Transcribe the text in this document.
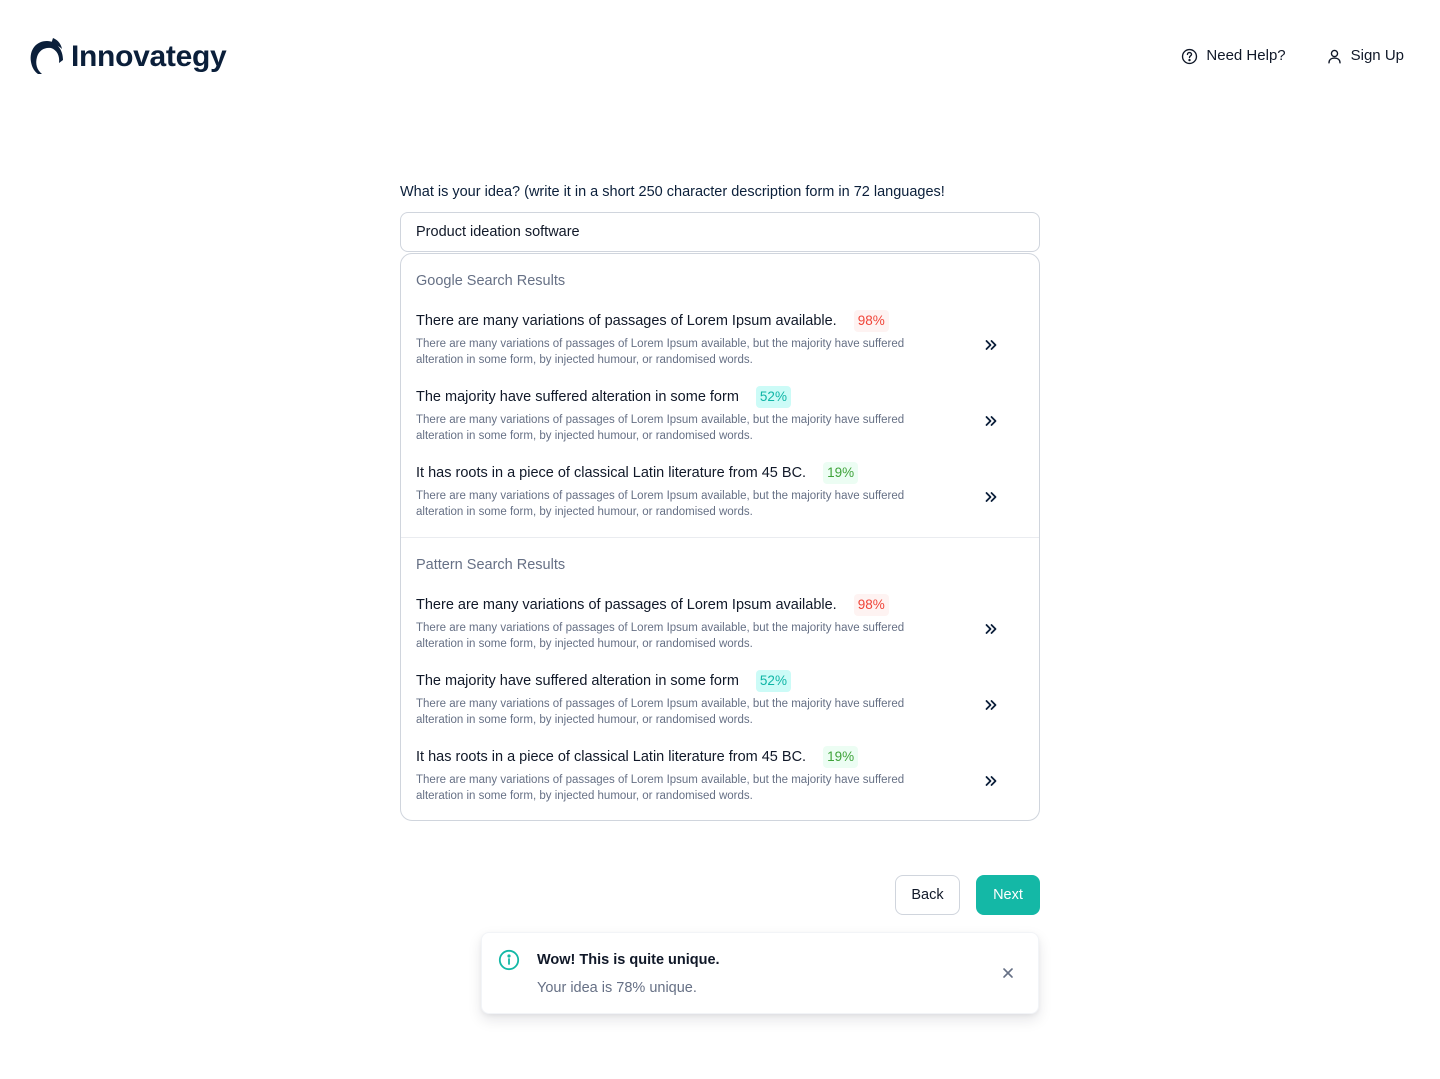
Innovategy	Need Help?	Sign Up
What is your idea? (write it in a short 250 character description form in 72 languages!
Product ideation software
Google Search Results
There are many variations of passages of Lorem Ipsum available. 98%
There are many variations of passages of Lorem Ipsum available, but the majority have suffered alteration in some form, by injected humour, or randomised words.
The majority have suffered alteration in some form 52%
There are many variations of passages of Lorem Ipsum available, but the majority have suffered alteration in some form, by injected humour, or randomised words.
It has roots in a piece of classical Latin literature from 45 BC. 19%
There are many variations of passages of Lorem Ipsum available, but the majority have suffered alteration in some form, by injected humour, or randomised words.
Pattern Search Results
There are many variations of passages of Lorem Ipsum available. 98%
There are many variations of passages of Lorem Ipsum available, but the majority have suffered alteration in some form, by injected humour, or randomised words.
The majority have suffered alteration in some form 52%
There are many variations of passages of Lorem Ipsum available, but the majority have suffered alteration in some form, by injected humour, or randomised words.
It has roots in a piece of classical Latin literature from 45 BC. 19%
There are many variations of passages of Lorem Ipsum available, but the majority have suffered alteration in some form, by injected humour, or randomised words.
Back	Next
Wow! This is quite unique.
Your idea is 78% unique.
